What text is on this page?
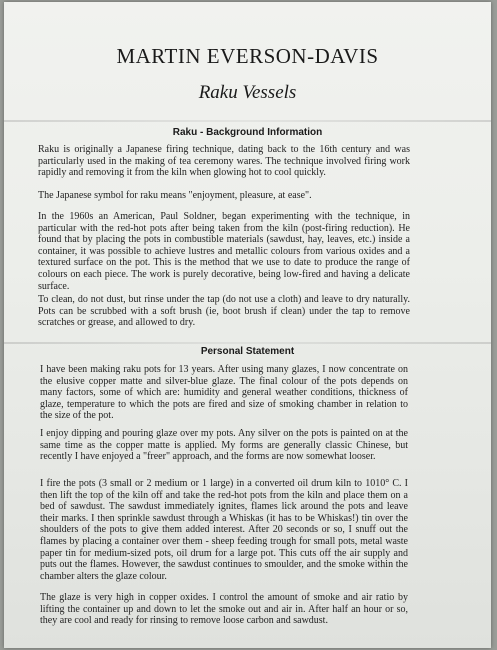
MARTIN EVERSON-DAVIS
Raku Vessels
Raku - Background Information
Raku is originally a Japanese firing technique, dating back to the 16th century and was particularly used in the making of tea ceremony wares. The technique involved firing work rapidly and removing it from the kiln when glowing hot to cool quickly.
The Japanese symbol for raku means "enjoyment, pleasure, at ease".
In the 1960s an American, Paul Soldner, began experimenting with the technique, in particular with the red-hot pots after being taken from the kiln (post-firing reduction). He found that by placing the pots in combustible materials (sawdust, hay, leaves, etc.) inside a container, it was possible to achieve lustres and metallic colours from various oxides and a textured surface on the pot. This is the method that we use to date to produce the range of colours on each piece. The work is purely decorative, being low-fired and having a delicate surface.
To clean, do not dust, but rinse under the tap (do not use a cloth) and leave to dry naturally. Pots can be scrubbed with a soft brush (ie, boot brush if clean) under the tap to remove scratches or grease, and allowed to dry.
Personal Statement
I have been making raku pots for 13 years. After using many glazes, I now concentrate on the elusive copper matte and silver-blue glaze. The final colour of the pots depends on many factors, some of which are: humidity and general weather conditions, thickness of glaze, temperature to which the pots are fired and size of smoking chamber in relation to the size of the pot.
I enjoy dipping and pouring glaze over my pots. Any silver on the pots is painted on at the same time as the copper matte is applied. My forms are generally classic Chinese, but recently I have enjoyed a "freer" approach, and the forms are now somewhat looser.
I fire the pots (3 small or 2 medium or 1 large) in a converted oil drum kiln to 1010° C. I then lift the top of the kiln off and take the red-hot pots from the kiln and place them on a bed of sawdust. The sawdust immediately ignites, flames lick around the pots and leave their marks. I then sprinkle sawdust through a Whiskas (it has to be Whiskas!) tin over the shoulders of the pots to give them added interest. After 20 seconds or so, I snuff out the flames by placing a container over them - sheep feeding trough for small pots, metal waste paper tin for medium-sized pots, oil drum for a large pot. This cuts off the air supply and puts out the flames. However, the sawdust continues to smoulder, and the smoke within the chamber alters the glaze colour.
The glaze is very high in copper oxides. I control the amount of smoke and air ratio by lifting the container up and down to let the smoke out and air in. After half an hour or so, they are cool and ready for rinsing to remove loose carbon and sawdust.
